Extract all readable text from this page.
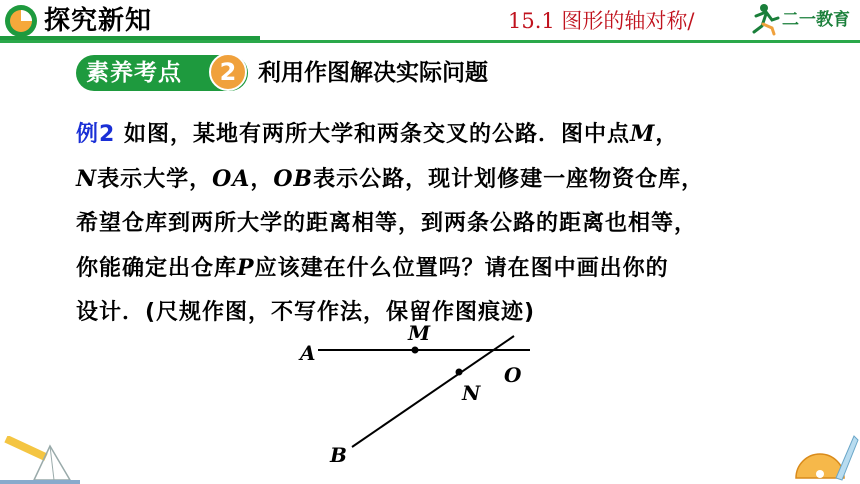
探究新知	15.1 图形的轴对称/	二一教育
素养考点	2 利用作图解决实际问题
例2 如图，某地有两所大学和两条交叉的公路．图中点M，
N表示大学，OA，OB表示公路，现计划修建一座物资仓库，
希望仓库到两所大学的距离相等，到两条公路的距离也相等，
你能确定出仓库P应该建在什么位置吗？请在图中画出你的
设计．(尺规作图，不写作法，保留作图痕迹)
A
M
O
N
B
